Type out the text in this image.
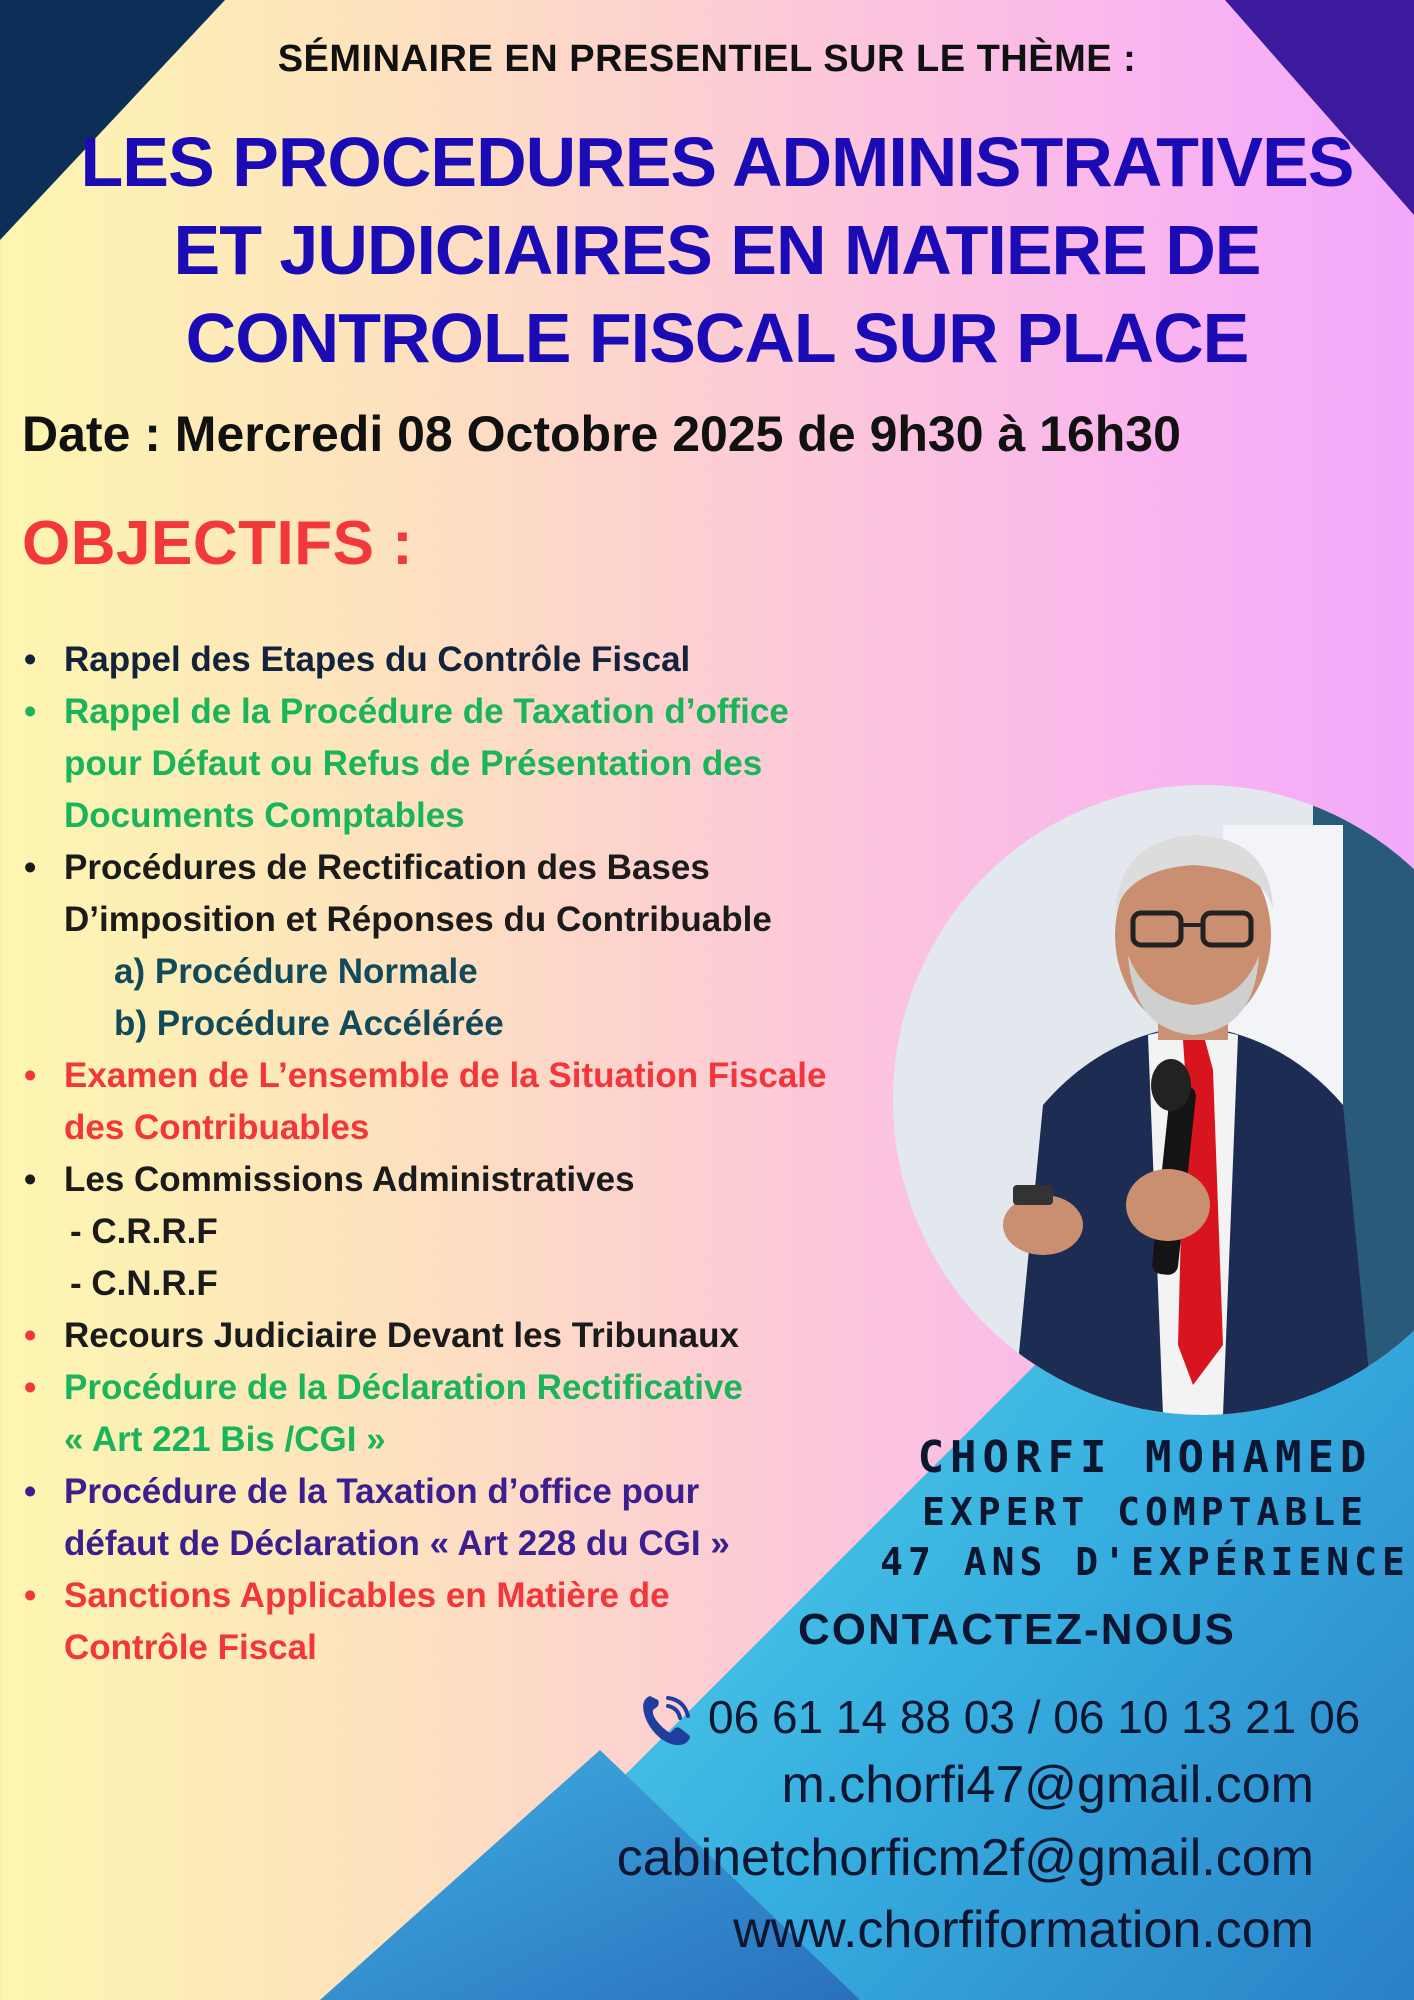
SÉMINAIRE EN PRESENTIEL SUR LE THÈME :
LES PROCEDURES ADMINISTRATIVES
ET JUDICIAIRES EN MATIERE DE
CONTROLE FISCAL SUR PLACE
Date : Mercredi 08 Octobre 2025 de 9h30 à 16h30
OBJECTIFS :
• Rappel des Etapes du Contrôle Fiscal
• Rappel de la Procédure de Taxation d’office
pour Défaut ou Refus de Présentation des
Documents Comptables
• Procédures de Rectification des Bases
D’imposition et Réponses du Contribuable
a) Procédure Normale
b) Procédure Accélérée
• Examen de L’ensemble de la Situation Fiscale
des Contribuables
• Les Commissions Administratives
- C.R.R.F
- C.N.R.F
• Recours Judiciaire Devant les Tribunaux
• Procédure de la Déclaration Rectificative
« Art 221 Bis /CGI »
• Procédure de la Taxation d’office pour
défaut de Déclaration « Art 228 du CGI »
• Sanctions Applicables en Matière de
Contrôle Fiscal
CHORFI MOHAMED
EXPERT COMPTABLE
47 ANS D'EXPÉRIENCE
CONTACTEZ-NOUS
06 61 14 88 03 / 06 10 13 21 06
m.chorfi47@gmail.com
cabinetchorficm2f@gmail.com
www.chorfiformation.com
